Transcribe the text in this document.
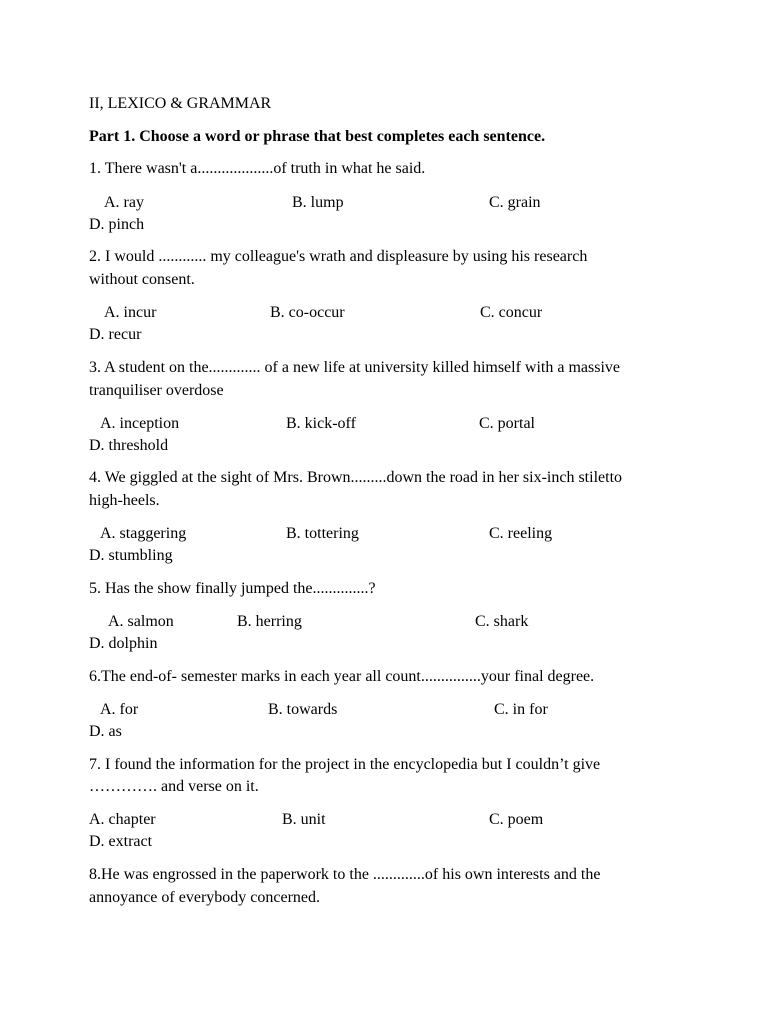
II, LEXICO & GRAMMAR
Part 1. Choose a word or phrase that best completes each sentence.
1. There wasn't a...................of truth in what he said.
A. ray	B. lump	C. grain
D. pinch
2. I would ............ my colleague's wrath and displeasure by using his research
without consent.
A. incur	B. co-occur	C. concur
D. recur
3. A student on the............. of a new life at university killed himself with a massive
tranquiliser overdose
A. inception	B. kick-off	C. portal
D. threshold
4. We giggled at the sight of Mrs. Brown.........down the road in her six-inch stiletto
high-heels.
A. staggering	B. tottering	C. reeling
D. stumbling
5. Has the show finally jumped the..............?
A. salmon	B. herring	C. shark
D. dolphin
6.The end-of- semester marks in each year all count...............your final degree.
A. for	B. towards	C. in for
D. as
7. I found the information for the project in the encyclopedia but I couldn’t give
…………. and verse on it.
A. chapter	B. unit	C. poem
D. extract
8.He was engrossed in the paperwork to the .............of his own interests and the
annoyance of everybody concerned.
